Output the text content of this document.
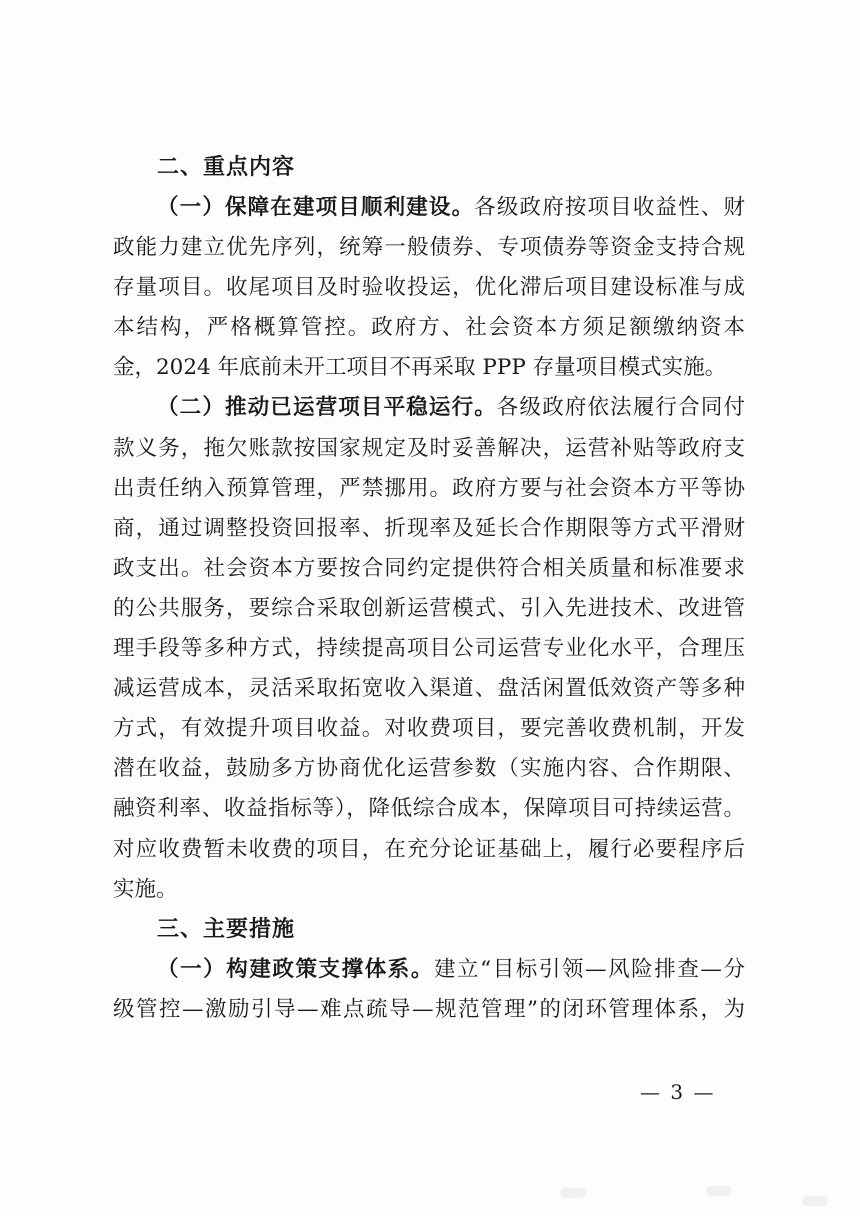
二、重点内容

（一）保障在建项目顺利建设。各级政府按项目收益性、财
政能力建立优先序列，统筹一般债券、专项债券等资金支持合规
存量项目。收尾项目及时验收投运，优化滞后项目建设标准与成
本结构，严格概算管控。政府方、社会资本方须足额缴纳资本
金，2024 年底前未开工项目不再采取 PPP 存量项目模式实施。
（二）推动已运营项目平稳运行。各级政府依法履行合同付
款义务，拖欠账款按国家规定及时妥善解决，运营补贴等政府支
出责任纳入预算管理，严禁挪用。政府方要与社会资本方平等协
商，通过调整投资回报率、折现率及延长合作期限等方式平滑财
政支出。社会资本方要按合同约定提供符合相关质量和标准要求
的公共服务，要综合采取创新运营模式、引入先进技术、改进管
理手段等多种方式，持续提高项目公司运营专业化水平，合理压
减运营成本，灵活采取拓宽收入渠道、盘活闲置低效资产等多种
方式，有效提升项目收益。对收费项目，要完善收费机制，开发
潜在收益，鼓励多方协商优化运营参数（实施内容、合作期限、
融资利率、收益指标等），降低综合成本，保障项目可持续运营。
对应收费暂未收费的项目，在充分论证基础上，履行必要程序后
实施。

三、主要措施

（一）构建政策支撑体系。建立“目标引领—风险排查—分
级管控—激励引导—难点疏导—规范管理”的闭环管理体系，为
— 3 —
